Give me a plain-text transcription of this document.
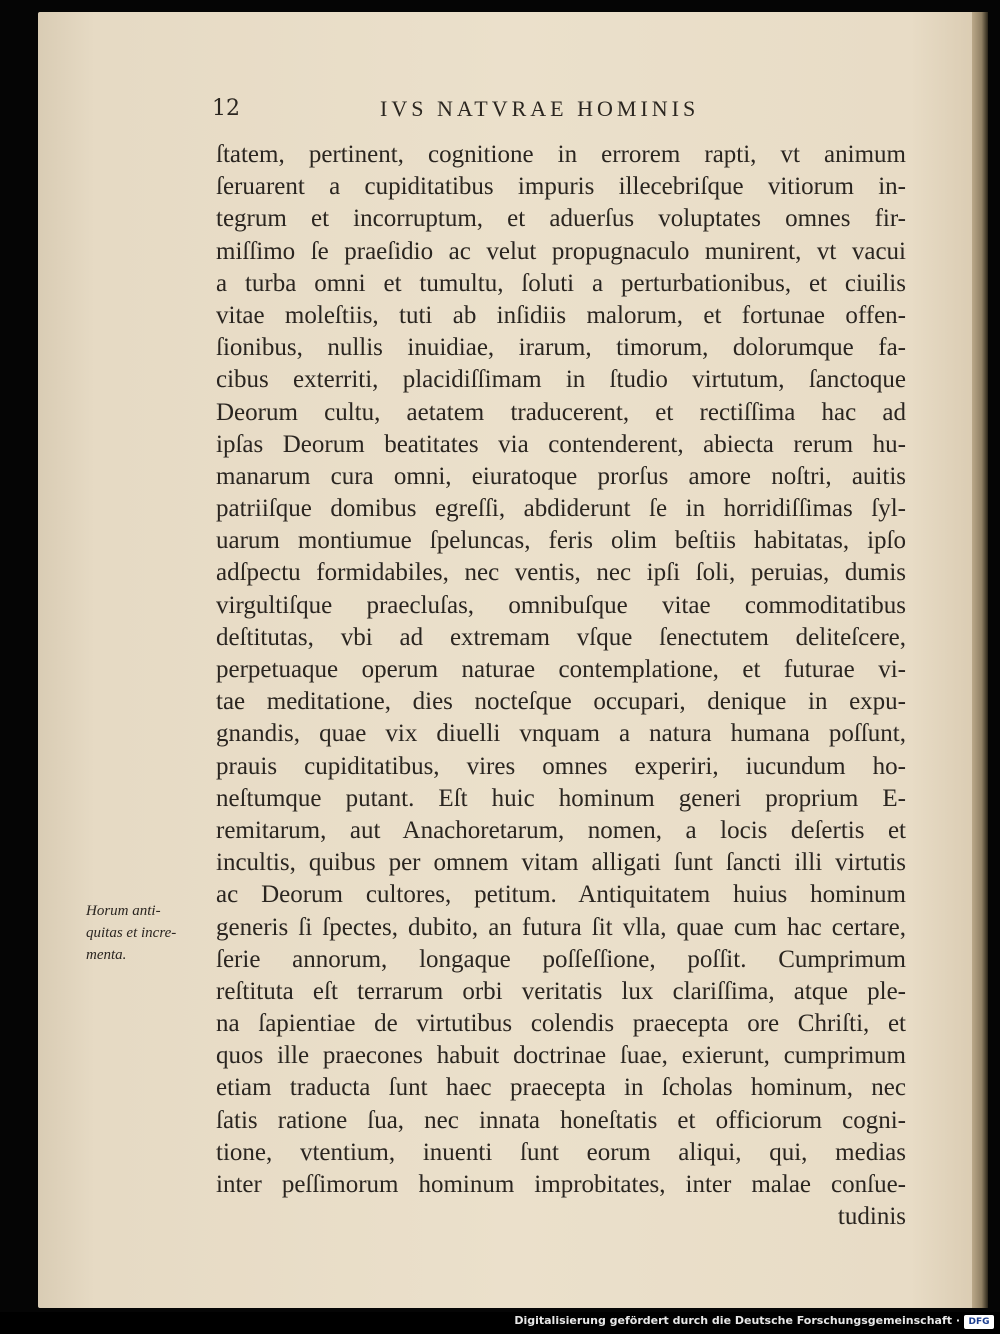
12	IVS NATVRAE HOMINIS
ſtatem, pertinent, cognitione in errorem rapti, vt animum
ſeruarent a cupiditatibus impuris illecebriſque vitiorum in-
tegrum et incorruptum, et aduerſus voluptates omnes fir-
miſſimo ſe praeſidio ac velut propugnaculo munirent, vt vacui
a turba omni et tumultu, ſoluti a perturbationibus, et ciuilis
vitae moleſtiis, tuti ab inſidiis malorum, et fortunae offen-
ſionibus, nullis inuidiae, irarum, timorum, dolorumque fa-
cibus exterriti, placidiſſimam in ſtudio virtutum, ſanctoque
Deorum cultu, aetatem traducerent, et rectiſſima hac ad
ipſas Deorum beatitates via contenderent, abiecta rerum hu-
manarum cura omni, eiuratoque prorſus amore noſtri, auitis
patriiſque domibus egreſſi, abdiderunt ſe in horridiſſimas ſyl-
uarum montiumue ſpeluncas, feris olim beſtiis habitatas, ipſo
adſpectu formidabiles, nec ventis, nec ipſi ſoli, peruias, dumis
virgultiſque praecluſas, omnibuſque vitae commoditatibus
deſtitutas, vbi ad extremam vſque ſenectutem deliteſcere,
perpetuaque operum naturae contemplatione, et futurae vi-
tae meditatione, dies nocteſque occupari, denique in expu-
gnandis, quae vix diuelli vnquam a natura humana poſſunt,
prauis cupiditatibus, vires omnes experiri, iucundum ho-
neſtumque putant. Eſt huic hominum generi proprium E-
remitarum, aut Anachoretarum, nomen, a locis deſertis et
incultis, quibus per omnem vitam alligati ſunt ſancti illi virtutis
ac Deorum cultores, petitum. Antiquitatem huius hominum
generis ſi ſpectes, dubito, an futura ſit vlla, quae cum hac certare,
ſerie annorum, longaque poſſeſſione, poſſit. Cumprimum
reſtituta eſt terrarum orbi veritatis lux clariſſima, atque ple-
na ſapientiae de virtutibus colendis praecepta ore Chriſti, et
quos ille praecones habuit doctrinae ſuae, exierunt, cumprimum
etiam traducta ſunt haec praecepta in ſcholas hominum, nec
ſatis ratione ſua, nec innata honeſtatis et officiorum cogni-
tione, vtentium, inuenti ſunt eorum aliqui, qui, medias
inter peſſimorum hominum improbitates, inter malae conſue-
tudinis
Horum anti-
quitas et incre-
menta.
Digitalisierung gefördert durch die Deutsche Forschungsgemeinschaft · DFG
